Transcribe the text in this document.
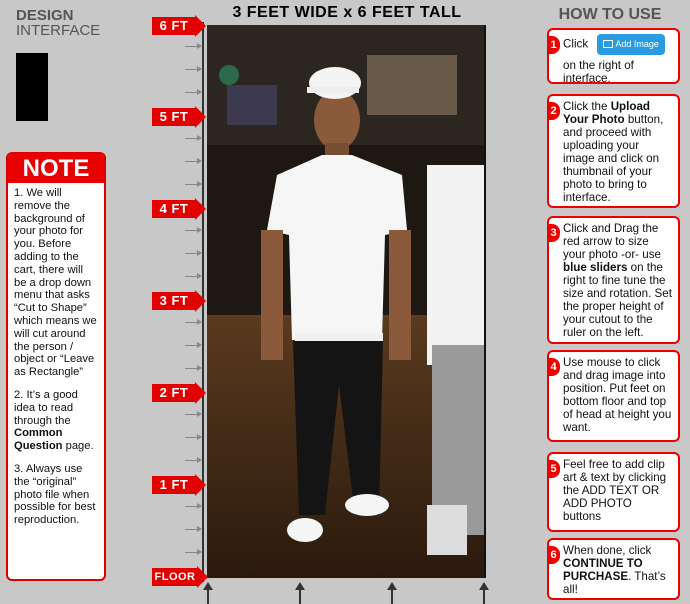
DESIGN
INTERFACE
NOTE

1. We will remove the background of your photo for you. Before adding to the cart, there will be a drop down menu that asks “Cut to Shape” which means we will cut around the person / object or “Leave as Rectangle”

2. It’s a good idea to read through the Common Question page.

3. Always use the “original” photo file when possible for best reproduction.

3 FEET WIDE x 6 FEET TALL
6 FT
5 FT
4 FT
3 FT
2 FT
1 FT
FLOOR
HOW TO USE
1 Click	Add Image
on the right of interface.
2 Click the Upload Your Photo button, and proceed with uploading your image and click on thumbnail of your photo to bring to interface.
3 Click and Drag the red arrow to size your photo -or- use blue sliders on the right to fine tune the size and rotation. Set the proper height of your cutout to the ruler on the left.
4 Use mouse to click and drag image into position. Put feet on bottom floor and top of head at height you want.
5 Feel free to add clip art & text by clicking the ADD TEXT OR ADD PHOTO buttons
6 When done, click CONTINUE TO PURCHASE. That’s all!
